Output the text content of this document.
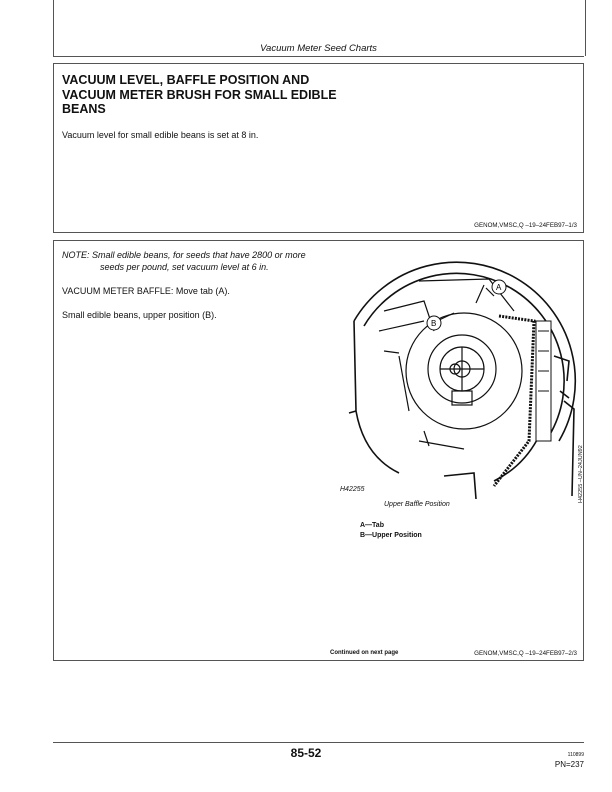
Vacuum Meter Seed Charts
VACUUM LEVEL, BAFFLE POSITION AND VACUUM METER BRUSH FOR SMALL EDIBLE BEANS
Vacuum level for small edible beans is set at 8 in.
GENOM,VMSC,Q –19–24FEB97–1/3
NOTE: Small edible beans, for seeds that have 2800 or more seeds per pound, set vacuum level at 6 in.
VACUUM METER BAFFLE: Move tab (A).
Small edible beans, upper position (B).
A
B
H42255	H42255 –UN–24JUN92
Upper Baffle Position
A—Tab
B—Upper Position
Continued on next page	GENOM,VMSC,Q –19–24FEB97–2/3
85-52	110899
PN=237
